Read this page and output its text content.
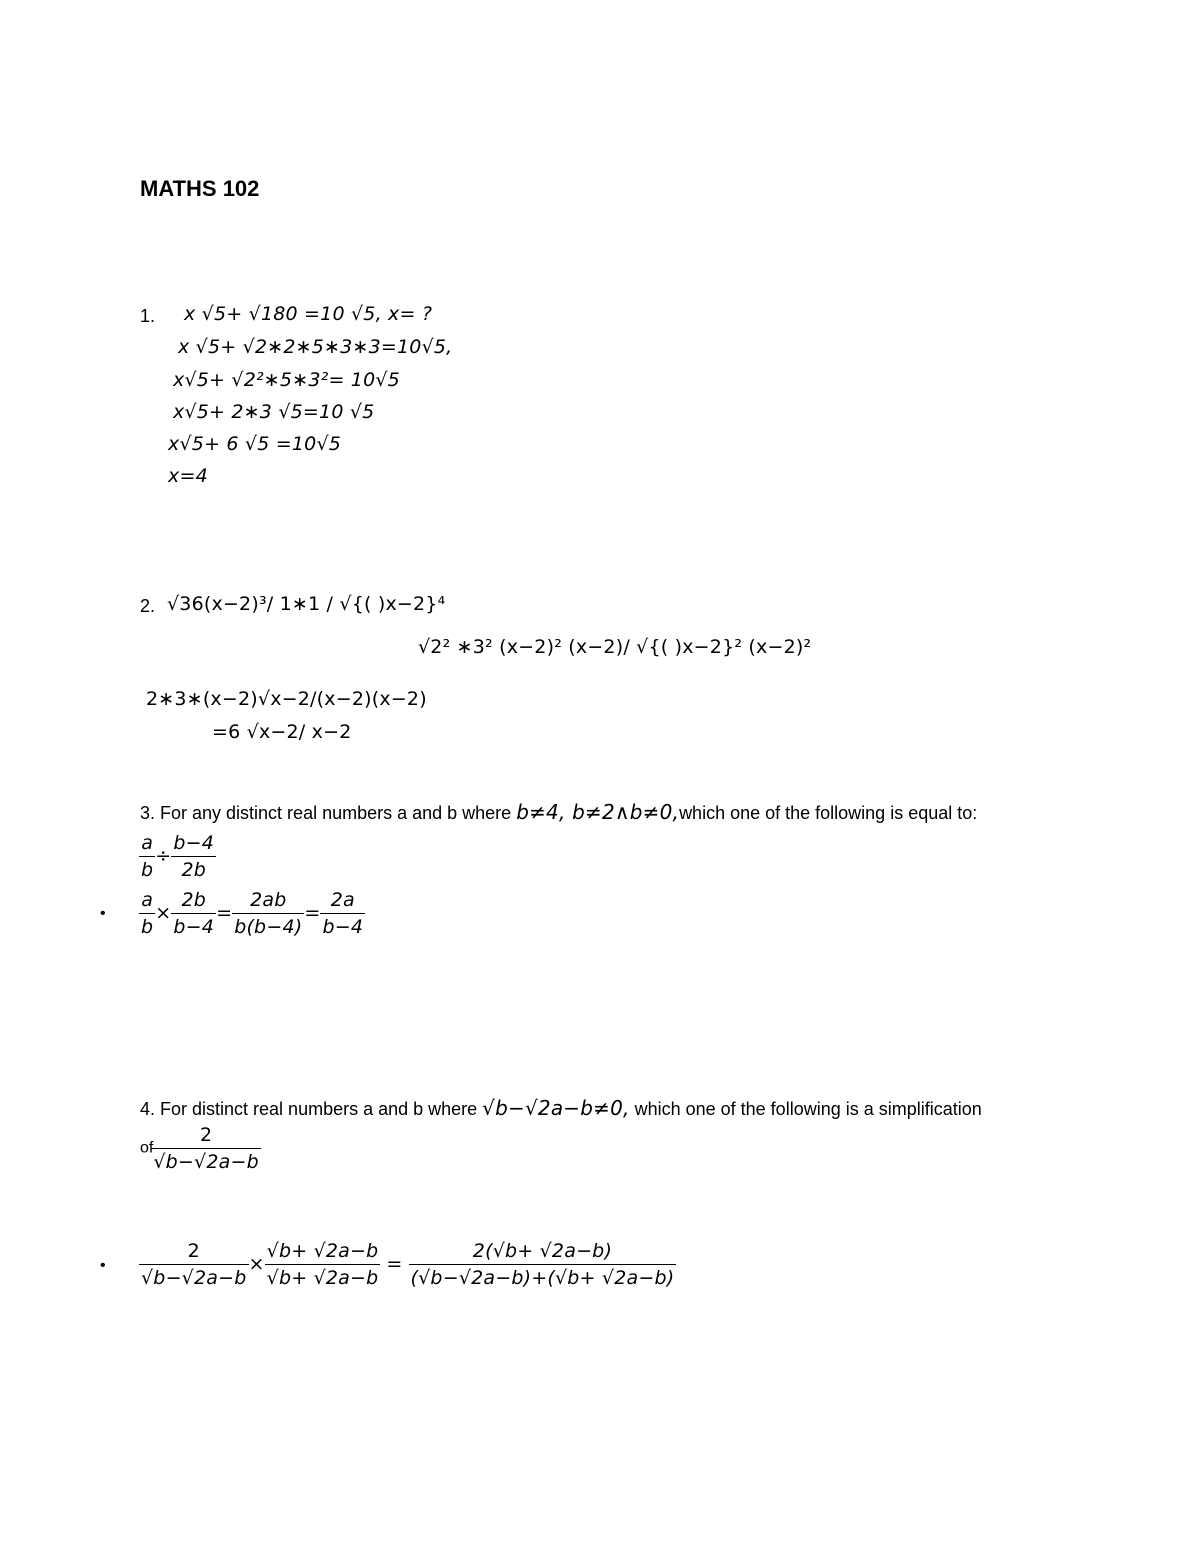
MATHS 102
1. x √5+ √180 =10 √5, x= ?
x √5+ √2∗2∗5∗3∗3=10√5,
x√5+ √2²∗5∗3²= 10√5
x√5+ 2∗3 √5=10 √5
x√5+ 6 √5 =10√5
x=4
2. √36(x−2)³/ 1∗1 / √{( )x−2}⁴
√2² ∗3² (x−2)² (x−2)/ √{( )x−2}² (x−2)²
2∗3∗(x−2)√x−2/(x−2)(x−2)
=6 √x−2/ x−2
3. For any distinct real numbers a and b where b≠4, b≠2∧b≠0,which one of the following is equal to:
$\frac{a}{b} \div \frac{b-4}{2b}$
• $\frac{a}{b} \times \frac{2b}{b-4} = \frac{2ab}{b(b-4)} = \frac{2a}{b-4}$
4. For distinct real numbers a and b where √b−√2a−b≠0, which one of the following is a simplification
of
$\frac{2}{√b-√2a-b}$
• $\frac{2}{√b-√2a-b} \times \frac{√b+ √2a-b}{√b+ √2a-b} = \frac{2(√b+ √2a-b)}{(√b-√2a-b)+(√b+ √2a-b)}$
